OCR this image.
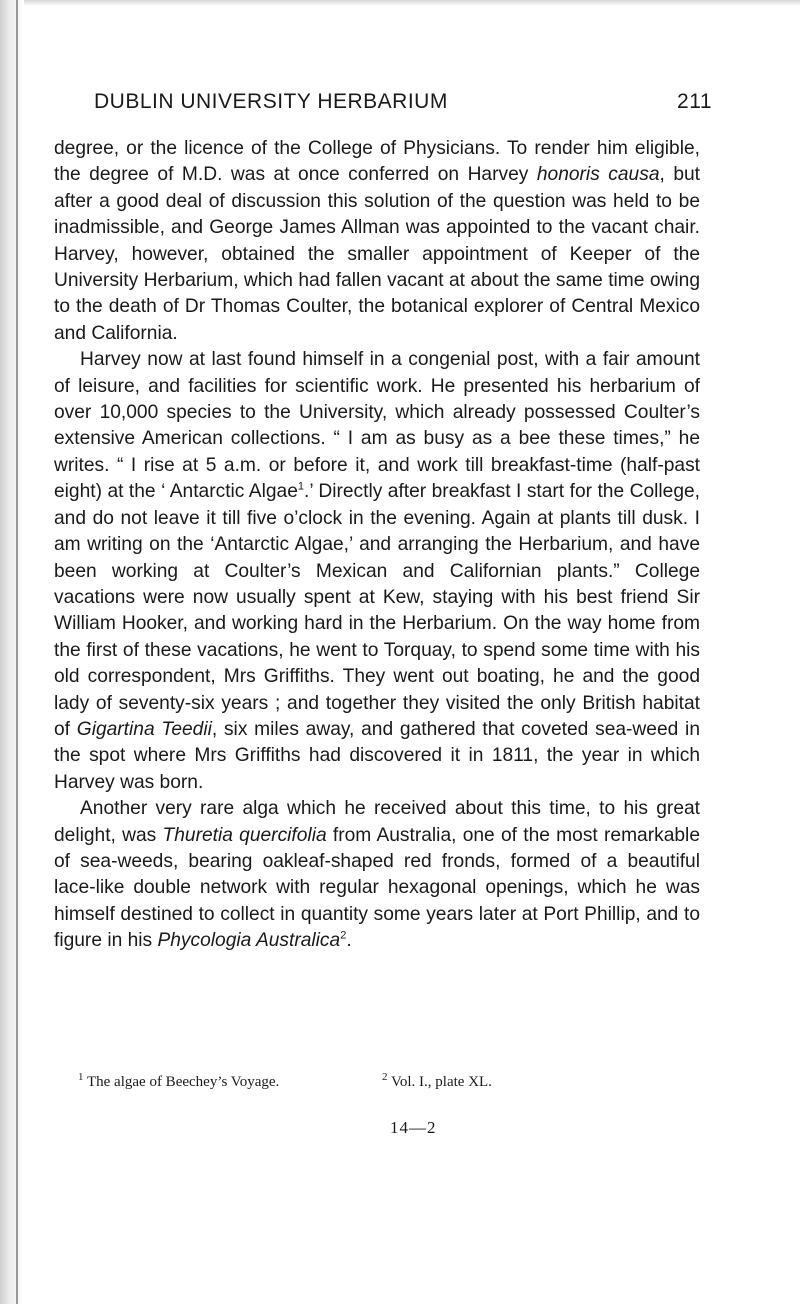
DUBLIN UNIVERSITY HERBARIUM	211

degree, or the licence of the College of Physicians. To render him eligible, the degree of M.D. was at once conferred on Harvey honoris causa, but after a good deal of discussion this solution of the question was held to be inadmissible, and George James Allman was appointed to the vacant chair. Harvey, however, obtained the smaller appointment of Keeper of the University Herbarium, which had fallen vacant at about the same time owing to the death of Dr Thomas Coulter, the botanical explorer of Central Mexico and California.

Harvey now at last found himself in a congenial post, with a fair amount of leisure, and facilities for scientific work. He presented his herbarium of over 10,000 species to the University, which already possessed Coulter’s extensive American collections. “ I am as busy as a bee these times,” he writes. “ I rise at 5 a.m. or before it, and work till breakfast-time (half-past eight) at the ‘ Antarctic Algae$^1$.’ Directly after breakfast I start for the College, and do not leave it till five o’clock in the evening. Again at plants till dusk. I am writing on the ‘Antarctic Algae,’ and arranging the Herbarium, and have been working at Coulter’s Mexican and Californian plants.” College vacations were now usually spent at Kew, staying with his best friend Sir William Hooker, and working hard in the Herbarium. On the way home from the first of these vacations, he went to Torquay, to spend some time with his old correspondent, Mrs Griffiths. They went out boating, he and the good lady of seventy-six years ; and together they visited the only British habitat of Gigartina Teedii, six miles away, and gathered that coveted sea-weed in the spot where Mrs Griffiths had discovered it in 1811, the year in which Harvey was born.

Another very rare alga which he received about this time, to his great delight, was Thuretia quercifolia from Australia, one of the most remarkable of sea-weeds, bearing oakleaf-shaped red fronds, formed of a beautiful lace-like double network with regular hexagonal openings, which he was himself destined to collect in quantity some years later at Port Phillip, and to figure in his Phycologia Australica$^2$.

$^1$ The algae of Beechey’s Voyage.	$^2$ Vol. I., plate XL.
14—2
